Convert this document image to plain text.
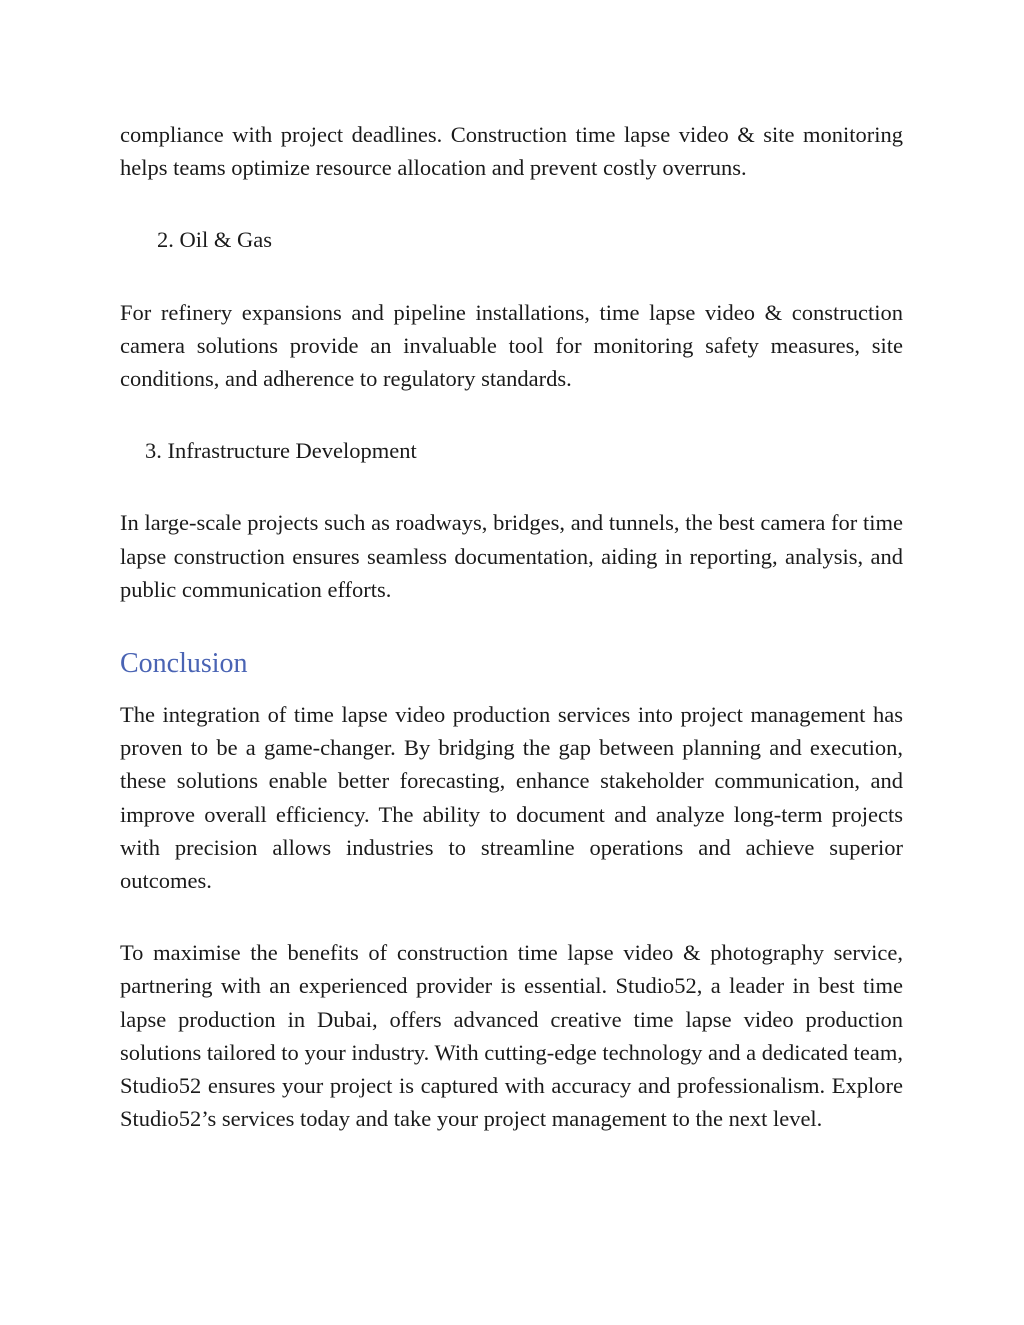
compliance with project deadlines. Construction time lapse video & site monitoring helps teams optimize resource allocation and prevent costly overruns.

2. Oil & Gas

For refinery expansions and pipeline installations, time lapse video & construction camera solutions provide an invaluable tool for monitoring safety measures, site conditions, and adherence to regulatory standards.

3. Infrastructure Development

In large-scale projects such as roadways, bridges, and tunnels, the best camera for time lapse construction ensures seamless documentation, aiding in reporting, analysis, and public communication efforts.

Conclusion

The integration of time lapse video production services into project management has proven to be a game-changer. By bridging the gap between planning and execution, these solutions enable better forecasting, enhance stakeholder communication, and improve overall efficiency. The ability to document and analyze long-term projects with precision allows industries to streamline operations and achieve superior outcomes.

To maximise the benefits of construction time lapse video & photography service, partnering with an experienced provider is essential. Studio52, a leader in best time lapse production in Dubai, offers advanced creative time lapse video production solutions tailored to your industry. With cutting-edge technology and a dedicated team, Studio52 ensures your project is captured with accuracy and professionalism. Explore Studio52’s services today and take your project management to the next level.
